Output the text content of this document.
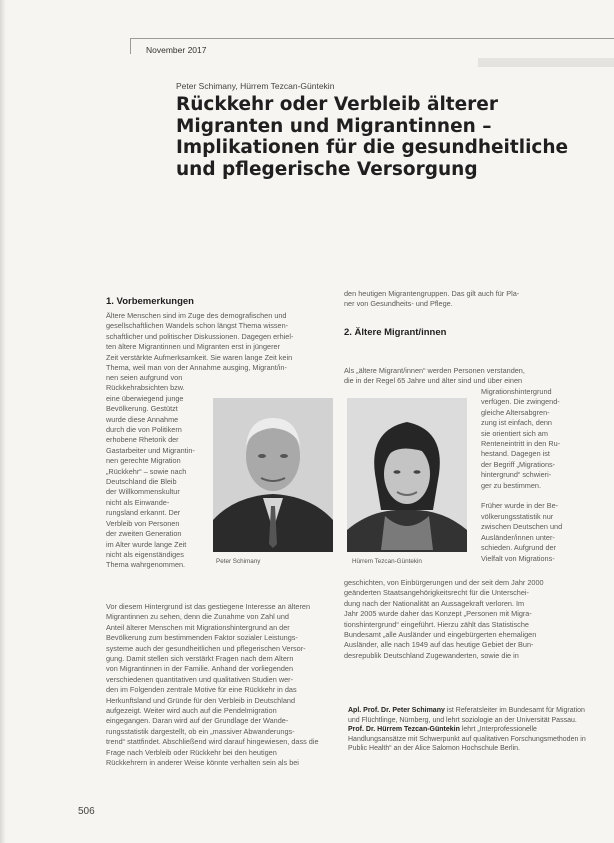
November 2017
Peter Schimany, Hürrem Tezcan-Güntekin
Rückkehr oder Verbleib älterer Migranten und Migrantinnen – Implikationen für die gesundheitliche und pflegerische Versorgung
1. Vorbemerkungen
Ältere Menschen sind im Zuge des demografischen und
gesellschaftlichen Wandels schon längst Thema wissen-
schaftlicher und politischer Diskussionen. Dagegen erhiel-
ten ältere Migrantinnen und Migranten erst in jüngerer
Zeit verstärkte Aufmerksamkeit. Sie waren lange Zeit kein
Thema, weil man von der Annahme ausging, Migrant/in-
nen seien aufgrund von
Rückkehrabsichten bzw.
eine überwiegend junge
Bevölkerung. Gestützt
wurde diese Annahme
durch die von Politikern
erhobene Rhetorik der
Gastarbeiter und Migrantin-
nen gerechte Migration
„Rückkehr“ – sowie nach
Deutschland die Bleib
der Willkommenskultur
nicht als Einwande-
rungsland erkannt. Der
Verbleib von Personen
der zweiten Generation
im Alter wurde lange Zeit
nicht als eigenständiges
Thema wahrgenommen.	Peter Schimany
Vor diesem Hintergrund ist das gestiegene Interesse an älteren
Migrantinnen zu sehen, denn die Zunahme von Zahl und
Anteil älterer Menschen mit Migrationshintergrund an der
Bevölkerung zum bestimmenden Faktor sozialer Leistungs-
systeme auch der gesundheitlichen und pflegerischen Versor-
gung. Damit stellen sich verstärkt Fragen nach dem Altern
von Migrantinnen in der Familie. Anhand der vorliegenden
verschiedenen quantitativen und qualitativen Studien wer-
den im Folgenden zentrale Motive für eine Rückkehr in das
Herkunftsland und Gründe für den Verbleib in Deutschland
aufgezeigt. Weiter wird auch auf die Pendelmigration
eingegangen. Daran wird auf der Grundlage der Wande-
rungsstatistik dargestellt, ob ein „massiver Abwanderungs-
trend“ stattfindet. Abschließend wird darauf hingewiesen, dass die
Frage nach Verbleib oder Rückkehr bei den heutigen
Rückkehrern in anderer Weise könnte verhalten sein als bei
den heutigen Migrantengruppen. Das gilt auch für Pla-
ner von Gesundheits- und Pflege.
2. Ältere Migrant/innen
Hürrem Tezcan-Güntekin
Als „ältere Migrant/innen“ werden Personen verstanden,
die in der Regel 65 Jahre und älter sind und über einen
Migrationshintergrund
verfügen. Die zwingend-
gleiche Altersabgren-
zung ist einfach, denn
sie orientiert sich am
Renteneintritt in den Ru-
hestand. Dagegen ist
der Begriff „Migrations-
hintergrund“ schwieri-
ger zu bestimmen.

Früher wurde in der Be-
völkerungsstatistik nur
zwischen Deutschen und
Ausländer/innen unter-
schieden. Aufgrund der
Vielfalt von Migrations-
geschichten, von Einbürgerungen und der seit dem Jahr 2000
geänderten Staatsangehörigkeitsrecht für die Unterschei-
dung nach der Nationalität an Aussagekraft verloren. Im
Jahr 2005 wurde daher das Konzept „Personen mit Migra-
tionshintergrund“ eingeführt. Hierzu zählt das Statistische
Bundesamt „alle Ausländer und eingebürgerten ehemaligen
Ausländer, alle nach 1949 auf das heutige Gebiet der Bun-
desrepublik Deutschland Zugewanderten, sowie die in

Apl. Prof. Dr. Peter Schimany ist Referatsleiter im Bundesamt für Migration und Flüchtlinge, Nürnberg, und lehrt soziologie an der Universität Passau. Prof. Dr. Hürrem Tezcan-Güntekin lehrt „Interprofessionelle Handlungsansätze mit Schwerpunkt auf qualitativen Forschungsmethoden in Public Health“ an der Alice Salomon Hochschule Berlin.

506
